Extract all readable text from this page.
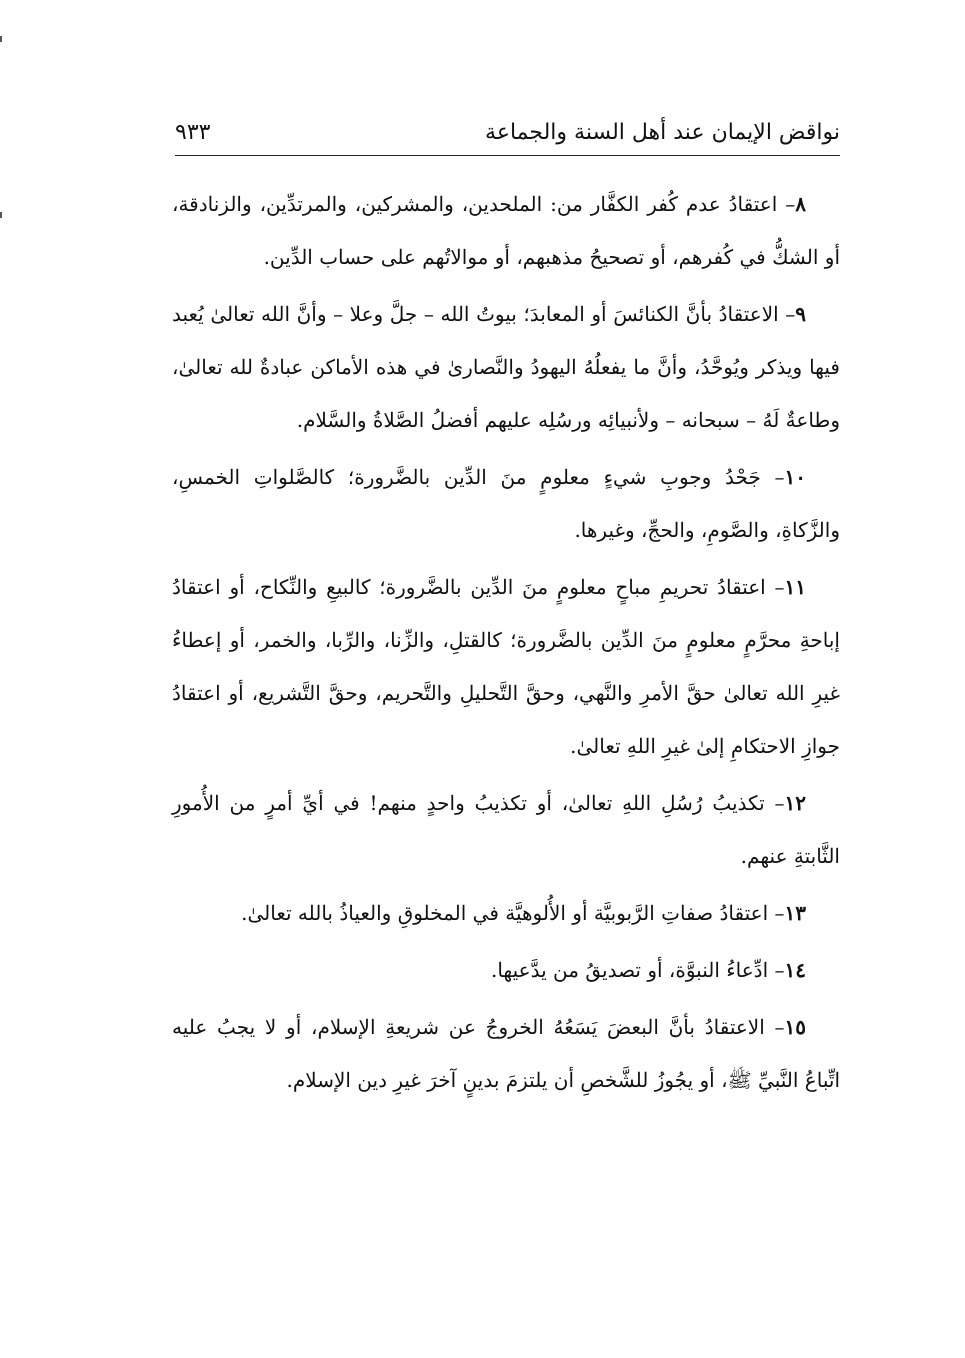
نواقض الإيمان عند أهل السنة والجماعة
٩٣٣

٨– اعتقادُ عدم كُفر الكفَّار من: الملحدين، والمشركين، والمرتدِّين، والزنادقة، أو الشكُّ في كُفرهم، أو تصحيحُ مذهبهم، أو موالاتُهم على حساب الدِّين.

٩– الاعتقادُ بأنَّ الكنائسَ أو المعابدَ؛ بيوتُ الله – جلَّ وعلا – وأنَّ الله تعالىٰ يُعبد فيها ويذكر ويُوحَّدُ، وأنَّ ما يفعلُهُ اليهودُ والنَّصارىٰ في هذه الأماكن عبادةٌ لله تعالىٰ، وطاعةٌ لَهُ – سبحانه – ولأنبيائِه ورسُلِه عليهم أفضلُ الصَّلاةُ والسَّلام.

١٠– جَحْدُ وجوبِ شيءٍ معلومٍ منَ الدِّين بالضَّرورة؛ كالصَّلواتِ الخمسِ، والزَّكاةِ، والصَّومِ، والحجِّ، وغيرها.

١١– اعتقادُ تحريمِ مباحٍ معلومٍ منَ الدِّين بالضَّرورة؛ كالبيعِ والنِّكاح، أو اعتقادُ إباحةِ محرَّمٍ معلومٍ منَ الدِّين بالضَّرورة؛ كالقتلِ، والزِّنا، والرِّبا، والخمر، أو إعطاءُ غيرِ الله تعالىٰ حقَّ الأمرِ والنَّهي، وحقَّ التَّحليلِ والتَّحريم، وحقَّ التَّشريع، أو اعتقادُ جوازِ الاحتكامِ إلىٰ غيرِ اللهِ تعالىٰ.

١٢– تكذيبُ رُسُلِ اللهِ تعالىٰ، أو تكذيبُ واحدٍ منهم! في أيِّ أمرٍ من الأُمورِ الثَّابتةِ عنهم.

١٣– اعتقادُ صفاتِ الرَّبوبيَّة أو الأُلوهيَّة في المخلوقِ والعياذُ بالله تعالىٰ.

١٤– ادِّعاءُ النبوَّة، أو تصديقُ من يدَّعيها.

١٥– الاعتقادُ بأنَّ البعضَ يَسَعُهُ الخروجُ عن شريعةِ الإسلام، أو لا يجبُ عليه اتِّباعُ النَّبيِّ ﷺ، أو يجُوزُ للشَّخصِ أن يلتزمَ بدينٍ آخرَ غيرِ دين الإسلام.
